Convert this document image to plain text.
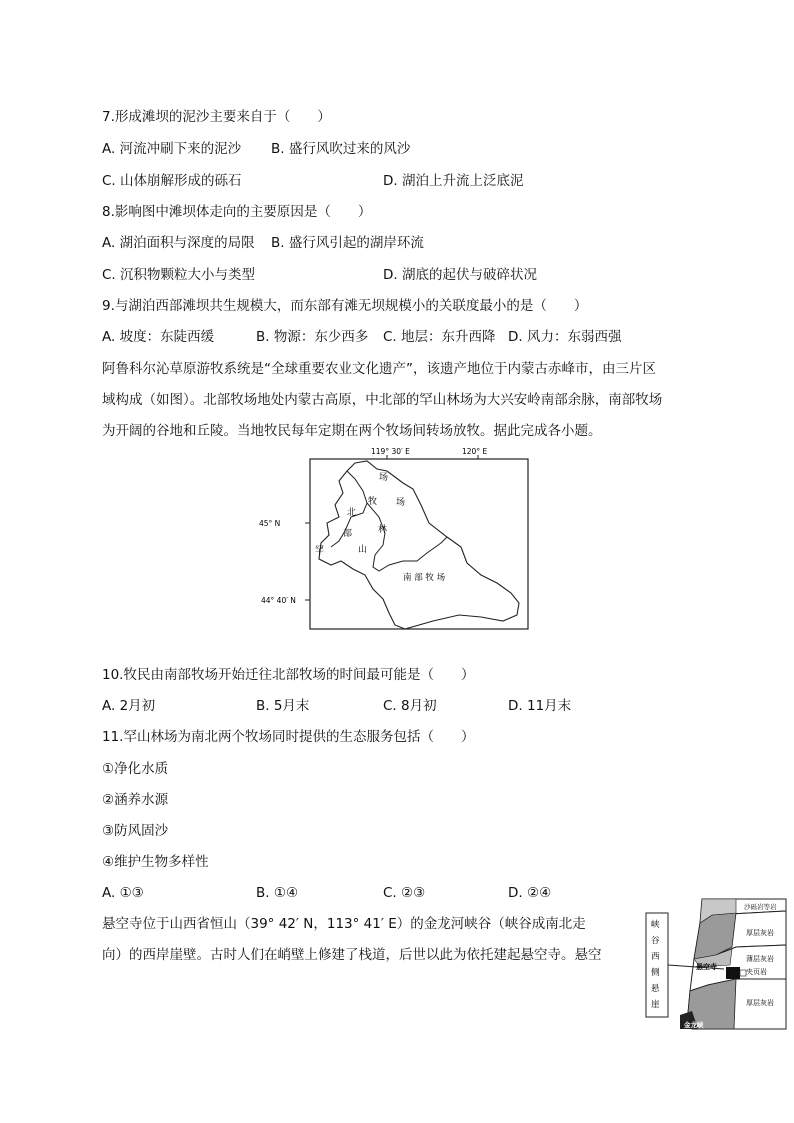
7.形成滩坝的泥沙主要来自于（　　）
A. 河流冲刷下来的泥沙 B. 盛行风吹过来的风沙
C. 山体崩解形成的砾石	D. 湖泊上升流上泛底泥
8.影响图中滩坝体走向的主要原因是（　　）
A. 湖泊面积与深度的局限 B. 盛行风引起的湖岸环流
C. 沉积物颗粒大小与类型	D. 湖底的起伏与破碎状况
9.与湖泊西部滩坝共生规模大，而东部有滩无坝规模小的关联度最小的是（　　）
A. 坡度：东陡西缓	B. 物源：东少西多 C. 地层：东升西降 D. 风力：东弱西强
阿鲁科尔沁草原游牧系统是“全球重要农业文化遗产”，该遗产地位于内蒙古赤峰市，由三片区
域构成（如图）。北部牧场地处内蒙古高原，中北部的罕山林场为大兴安岭南部余脉，南部牧场
为开阔的谷地和丘陵。当地牧民每年定期在两个牧场间转场放牧。据此完成各小题。
119° 30′ E	120° E
45° N
44° 40′ N
北
部
牧
场
罕	山
林
场
南 部 牧 场
10.牧民由南部牧场开始迁往北部牧场的时间最可能是（　　）
A. 2月初	B. 5月末	C. 8月初	D. 11月末
11.罕山林场为南北两个牧场同时提供的生态服务包括（　　）
①净化水质
②涵养水源
③防风固沙
④维护生物多样性
A. ①③	B. ①④	C. ②③	D. ②④
悬空寺位于山西省恒山（39° 42′ N，113° 41′ E）的金龙河峡谷（峡谷成南北走
向）的西岸崖壁。古时人们在峭壁上修建了栈道，后世以此为依托建起悬空寺。悬空
峡
谷
西
侧
悬
崖
沙砾岩等岩
厚层灰岩
薄层灰岩
夹页岩
厚层灰岩
悬空寺
金龙峡
